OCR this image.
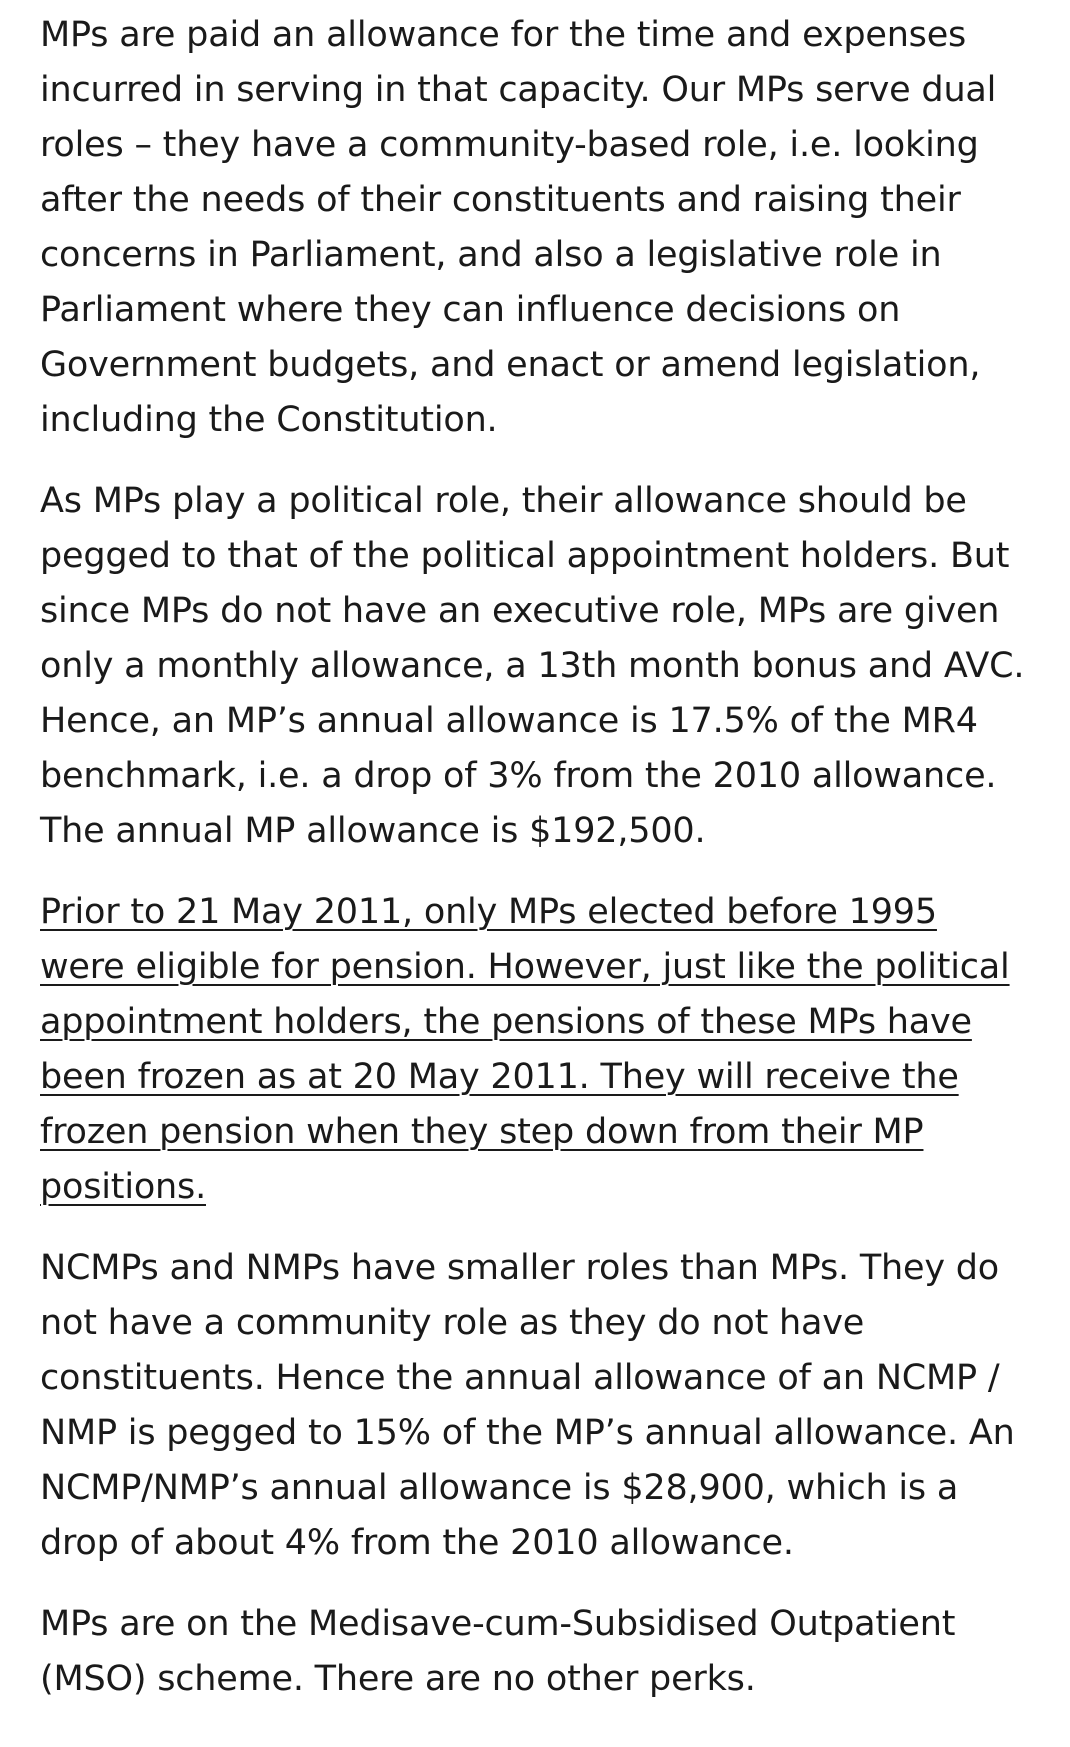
MPs are paid an allowance for the time and expenses incurred in serving in that capacity. Our MPs serve dual roles – they have a community-based role, i.e. looking after the needs of their constituents and raising their concerns in Parliament, and also a legislative role in Parliament where they can influence decisions on Government budgets, and enact or amend legislation, including the Constitution.

As MPs play a political role, their allowance should be pegged to that of the political appointment holders. But since MPs do not have an executive role, MPs are given only a monthly allowance, a 13th month bonus and AVC. Hence, an MP’s annual allowance is 17.5% of the MR4 benchmark, i.e. a drop of 3% from the 2010 allowance. The annual MP allowance is $192,500.

Prior to 21 May 2011, only MPs elected before 1995 were eligible for pension. However, just like the political appointment holders, the pensions of these MPs have been frozen as at 20 May 2011. They will receive the frozen pension when they step down from their MP positions.

NCMPs and NMPs have smaller roles than MPs. They do not have a community role as they do not have constituents. Hence the annual allowance of an NCMP / NMP is pegged to 15% of the MP’s annual allowance. An NCMP/NMP’s annual allowance is $28,900, which is a drop of about 4% from the 2010 allowance.

MPs are on the Medisave-cum-Subsidised Outpatient (MSO) scheme. There are no other perks.
